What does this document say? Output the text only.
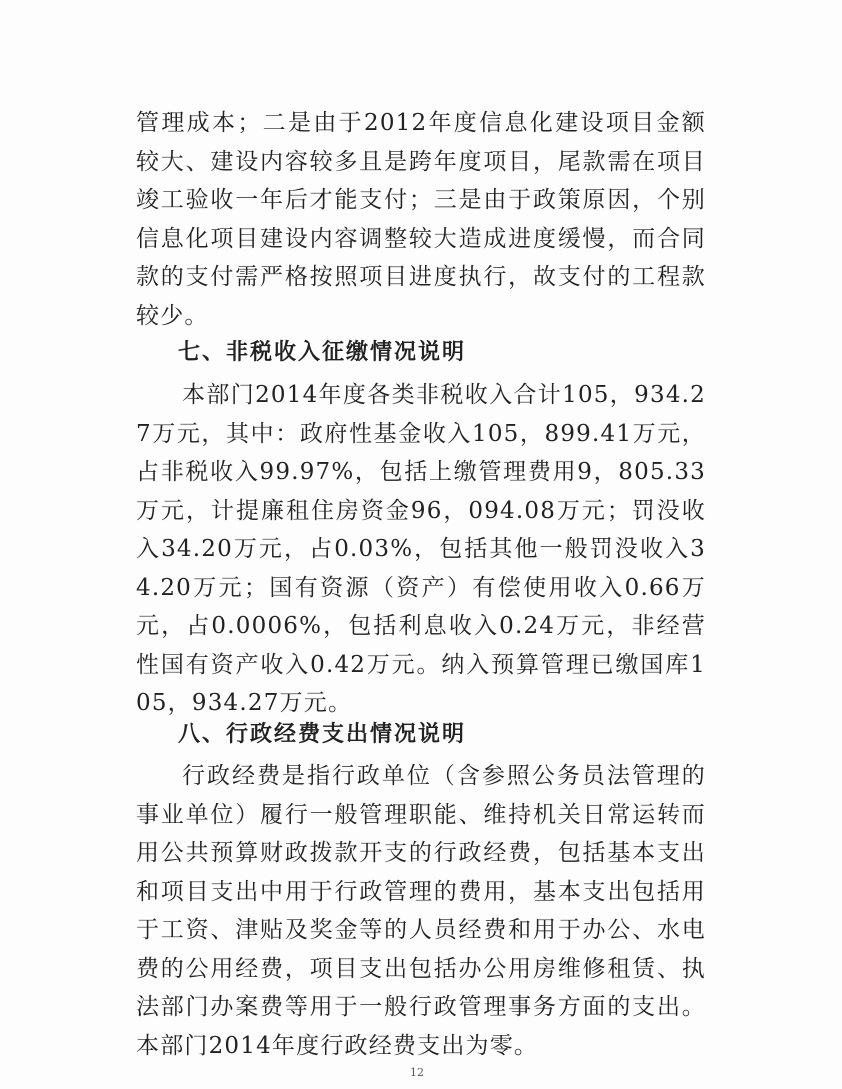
管理成本；二是由于2012年度信息化建设项目金额较大、建设内容较多且是跨年度项目，尾款需在项目竣工验收一年后才能支付；三是由于政策原因，个别信息化项目建设内容调整较大造成进度缓慢，而合同款的支付需严格按照项目进度执行，故支付的工程款较少。

七、非税收入征缴情况说明

本部门2014年度各类非税收入合计105，934.27万元，其中：政府性基金收入105，899.41万元，占非税收入99.97%，包括上缴管理费用9，805.33万元，计提廉租住房资金96，094.08万元；罚没收入34.20万元，占0.03%，包括其他一般罚没收入34.20万元；国有资源（资产）有偿使用收入0.66万元，占0.0006%，包括利息收入0.24万元，非经营性国有资产收入0.42万元。纳入预算管理已缴国库105，934.27万元。

八、行政经费支出情况说明

行政经费是指行政单位（含参照公务员法管理的事业单位）履行一般管理职能、维持机关日常运转而用公共预算财政拨款开支的行政经费，包括基本支出和项目支出中用于行政管理的费用，基本支出包括用于工资、津贴及奖金等的人员经费和用于办公、水电费的公用经费，项目支出包括办公用房维修租赁、执法部门办案费等用于一般行政管理事务方面的支出。本部门2014年度行政经费支出为零。

12
